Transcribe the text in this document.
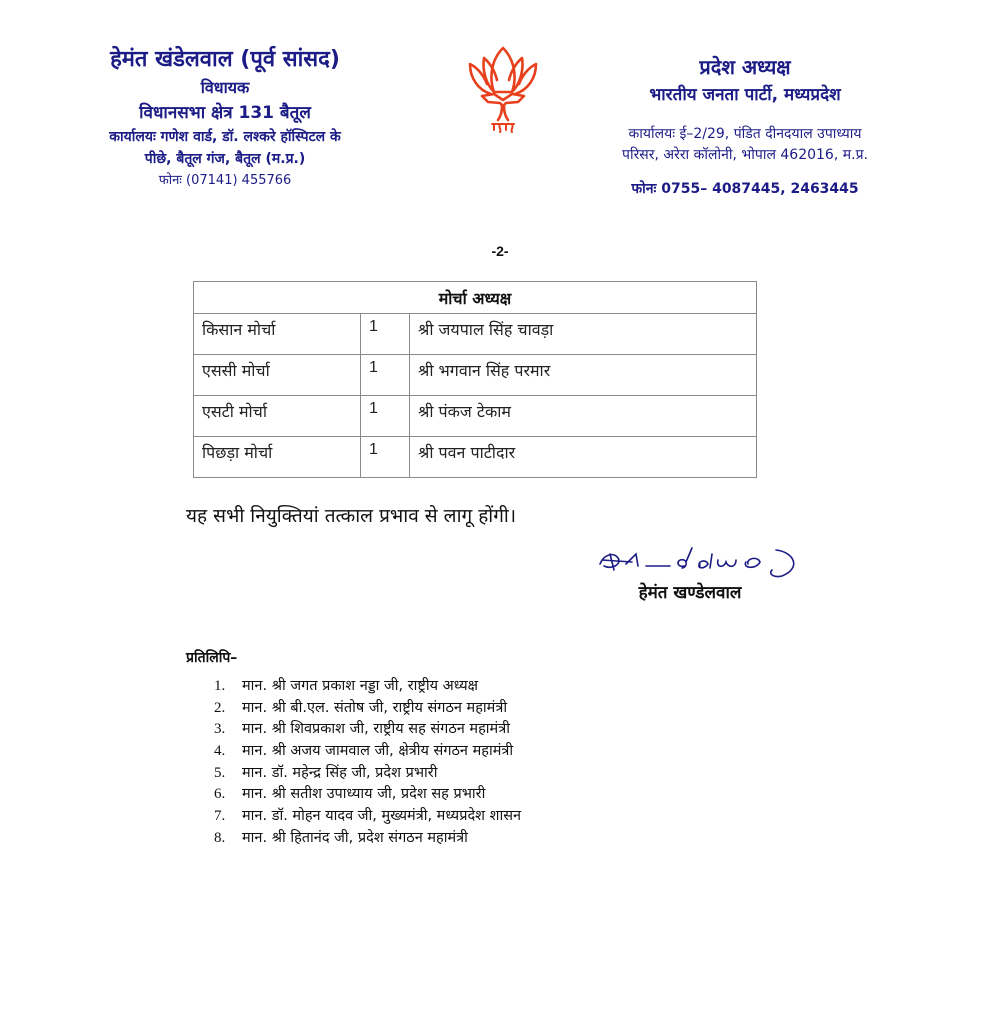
हेमंत खंडेलवाल (पूर्व सांसद)
विधायक
विधानसभा क्षेत्र 131 बैतूल
कार्यालयः गणेश वार्ड, डॉ. लश्करे हॉस्पिटल के
पीछे, बैतूल गंज, बैतूल (म.प्र.)
फोनः (07141) 455766
प्रदेश अध्यक्ष
भारतीय जनता पार्टी, मध्यप्रदेश
कार्यालयः ई–2/29, पंडित दीनदयाल उपाध्याय
परिसर, अरेरा कॉलोनी, भोपाल 462016, म.प्र.
फोनः 0755– 4087445, 2463445
-2-
मोर्चा अध्यक्ष		
किसान मोर्चा	1	श्री जयपाल सिंह चावड़ा
एससी मोर्चा	1	श्री भगवान सिंह परमार
एसटी मोर्चा	1	श्री पंकज टेकाम
पिछड़ा मोर्चा	1	श्री पवन पाटीदार
यह सभी नियुक्तियां तत्काल प्रभाव से लागू होंगी।
हेमंत खण्डेलवाल
प्रतिलिपि–
1.	मान. श्री जगत प्रकाश नड्डा जी, राष्ट्रीय अध्यक्ष
2.	मान. श्री बी.एल. संतोष जी, राष्ट्रीय संगठन महामंत्री
3.	मान. श्री शिवप्रकाश जी, राष्ट्रीय सह संगठन महामंत्री
4.	मान. श्री अजय जामवाल जी, क्षेत्रीय संगठन महामंत्री
5.	मान. डॉ. महेन्द्र सिंह जी, प्रदेश प्रभारी
6.	मान. श्री सतीश उपाध्याय जी, प्रदेश सह प्रभारी
7.	मान. डॉ. मोहन यादव जी, मुख्यमंत्री, मध्यप्रदेश शासन
8.	मान. श्री हितानंद जी, प्रदेश संगठन महामंत्री
